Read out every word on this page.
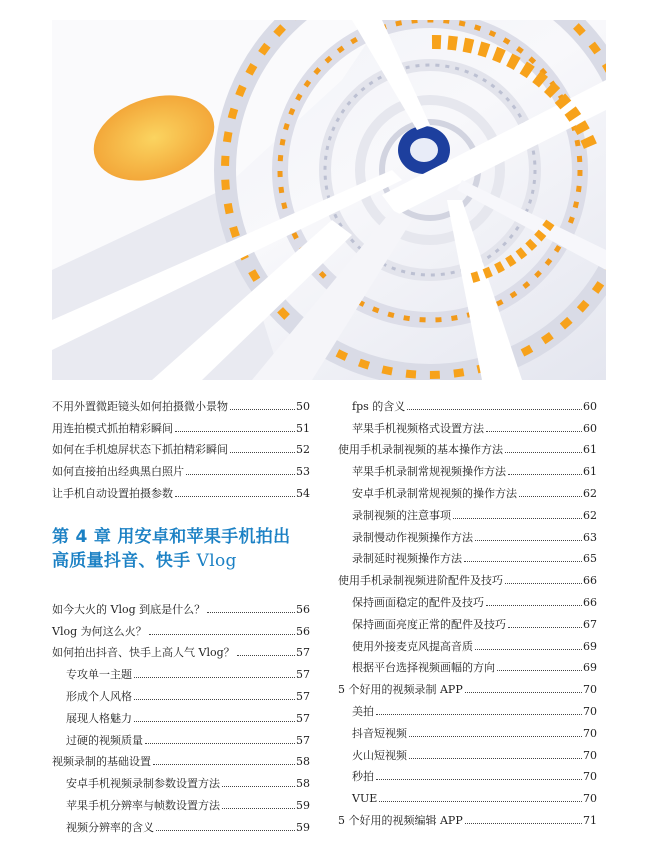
不用外置微距镜头如何拍摄微小景物	50
用连拍模式抓拍精彩瞬间	51
如何在手机熄屏状态下抓拍精彩瞬间	52
如何直接拍出经典黑白照片	53
让手机自动设置拍摄参数	54
第 4 章 用安卓和苹果手机拍出
高质量抖音、快手 Vlog
如今大火的 Vlog 到底是什么？	56
Vlog 为何这么火？	56
如何拍出抖音、快手上高人气 Vlog？	57
专攻单一主题	57
形成个人风格	57
展现人格魅力	57
过硬的视频质量	57
视频录制的基础设置	58
安卓手机视频录制参数设置方法	58
苹果手机分辨率与帧数设置方法	59
视频分辨率的含义	59
fps 的含义	60
苹果手机视频格式设置方法	60
使用手机录制视频的基本操作方法	61
苹果手机录制常规视频操作方法	61
安卓手机录制常规视频的操作方法	62
录制视频的注意事项	62
录制慢动作视频操作方法	63
录制延时视频操作方法	65
使用手机录制视频进阶配件及技巧	66
保持画面稳定的配件及技巧	66
保持画面亮度正常的配件及技巧	67
使用外接麦克风提高音质	69
根据平台选择视频画幅的方向	69
5 个好用的视频录制 APP	70
美拍	70
抖音短视频	70
火山短视频	70
秒拍	70
VUE	70
5 个好用的视频编辑 APP	71
